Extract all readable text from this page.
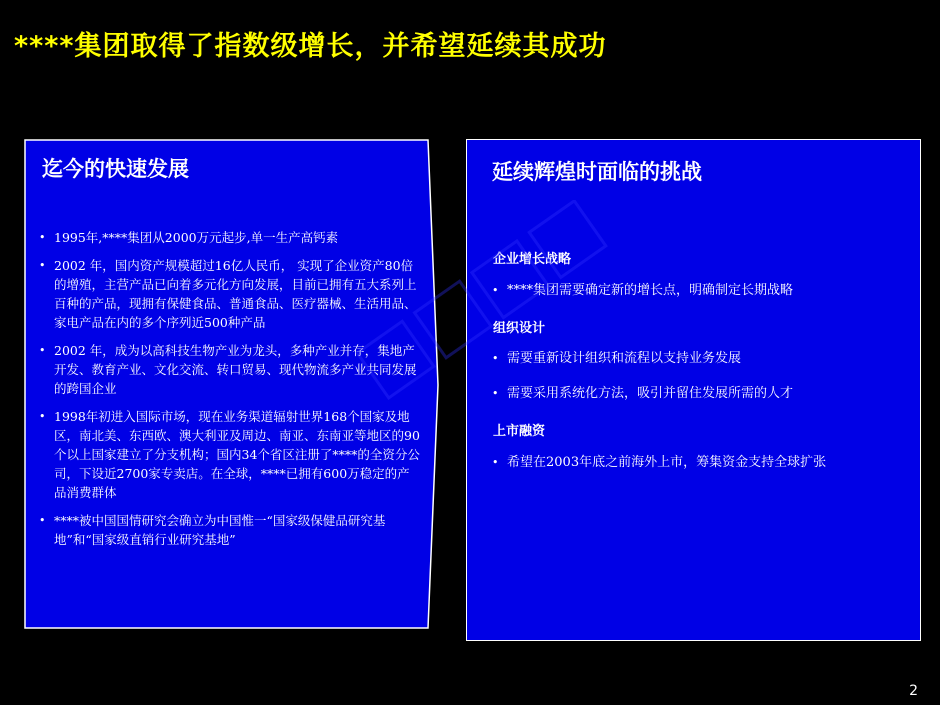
****集团取得了指数级增长，并希望延续其成功
迄今的快速发展
• 1995年,****集团从2000万元起步,单一生产高钙素
• 2002 年，国内资产规模超过16亿人民币， 实现了企业资产80倍的增殖，主营产品已向着多元化方向发展，目前已拥有五大系列上百种的产品，现拥有保健食品、普通食品、医疗器械、生活用品、家电产品在内的多个序列近500种产品
• 2002 年，成为以高科技生物产业为龙头，多种产业并存，集地产开发、教育产业、文化交流、转口贸易、现代物流多产业共同发展的跨国企业
• 1998年初进入国际市场，现在业务渠道辐射世界168个国家及地区，南北美、东西欧、澳大利亚及周边、南亚、东南亚等地区的90个以上国家建立了分支机构；国内34个省区注册了****的全资分公司，下设近2700家专卖店。在全球，****已拥有600万稳定的产品消费群体
• ****被中国国情研究会确立为中国惟一“国家级保健品研究基地”和“国家级直销行业研究基地”
延续辉煌时面临的挑战
企业增长战略
• ****集团需要确定新的增长点，明确制定长期战略
组织设计
• 需要重新设计组织和流程以支持业务发展
• 需要采用系统化方法，吸引并留住发展所需的人才
上市融资
• 希望在2003年底之前海外上市，筹集资金支持全球扩张
2
